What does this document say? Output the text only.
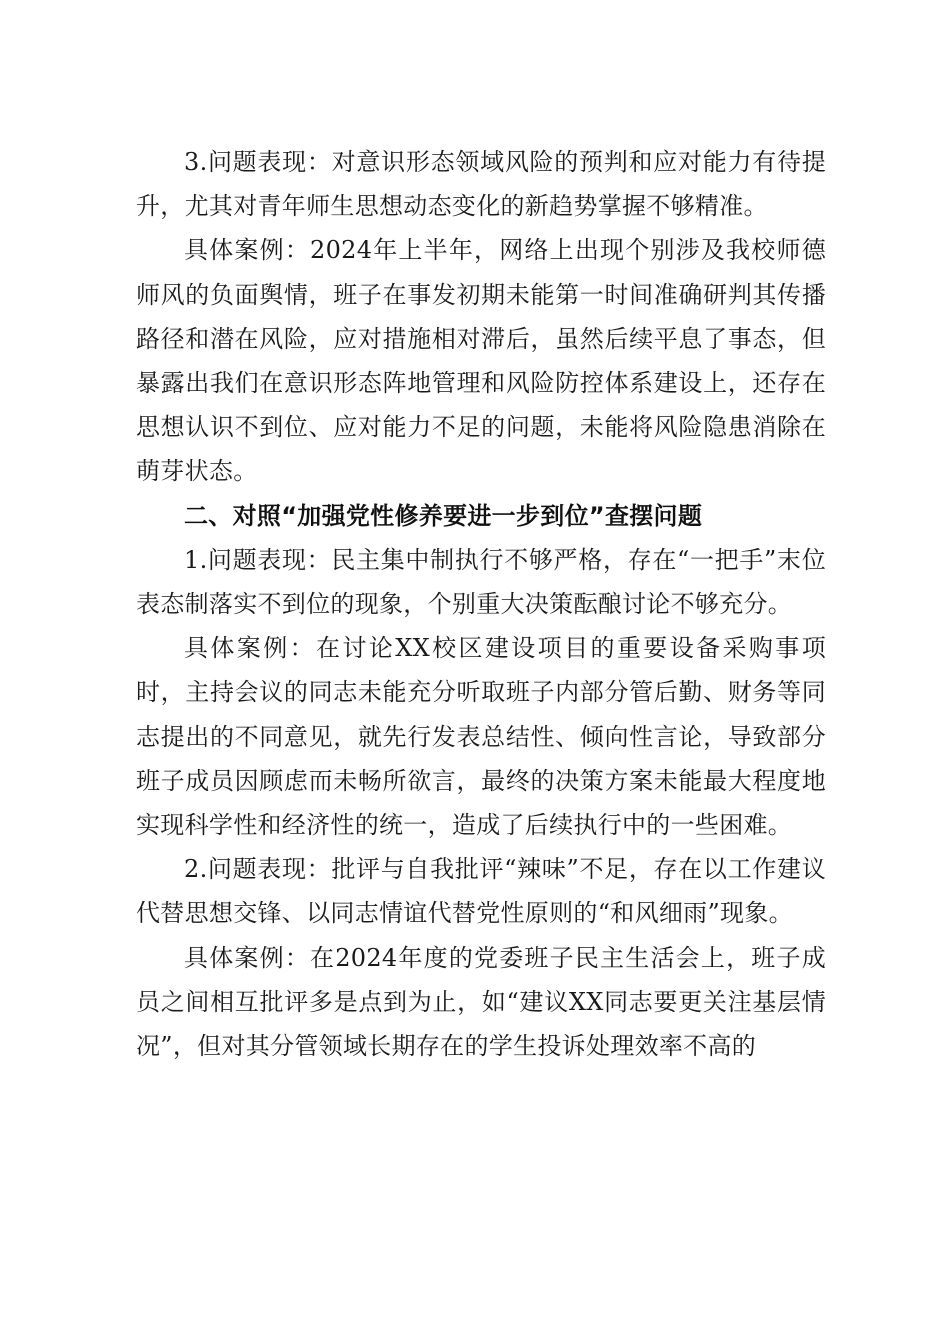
3.问题表现：对意识形态领域风险的预判和应对能力有待提升，尤其对青年师生思想动态变化的新趋势掌握不够精准。

具体案例：2024年上半年，网络上出现个别涉及我校师德师风的负面舆情，班子在事发初期未能第一时间准确研判其传播路径和潜在风险，应对措施相对滞后，虽然后续平息了事态，但暴露出我们在意识形态阵地管理和风险防控体系建设上，还存在思想认识不到位、应对能力不足的问题，未能将风险隐患消除在萌芽状态。

二、对照“加强党性修养要进一步到位”查摆问题

1.问题表现：民主集中制执行不够严格，存在“一把手”末位表态制落实不到位的现象，个别重大决策酝酿讨论不够充分。

具体案例：在讨论XX校区建设项目的重要设备采购事项时，主持会议的同志未能充分听取班子内部分管后勤、财务等同志提出的不同意见，就先行发表总结性、倾向性言论，导致部分班子成员因顾虑而未畅所欲言，最终的决策方案未能最大程度地实现科学性和经济性的统一，造成了后续执行中的一些困难。

2.问题表现：批评与自我批评“辣味”不足，存在以工作建议代替思想交锋、以同志情谊代替党性原则的“和风细雨”现象。

具体案例：在2024年度的党委班子民主生活会上，班子成员之间相互批评多是点到为止，如“建议XX同志要更关注基层情况”，但对其分管领域长期存在的学生投诉处理效率不高的
